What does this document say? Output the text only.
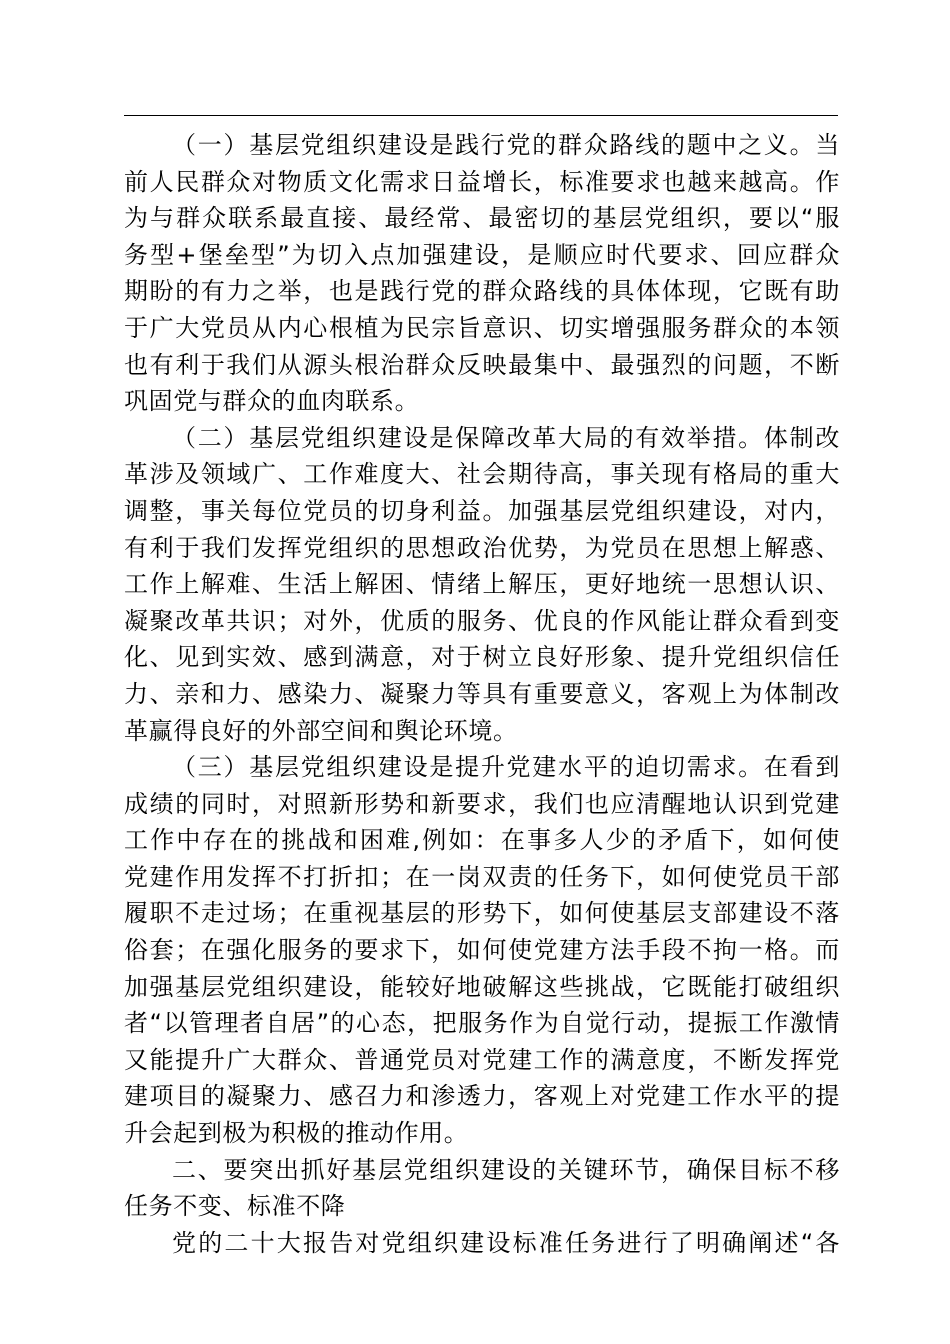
（一）基层党组织建设是践行党的群众路线的题中之义。当
前人民群众对物质文化需求日益增长，标准要求也越来越高。作
为与群众联系最直接、最经常、最密切的基层党组织，要以“服
务型+堡垒型”为切入点加强建设，是顺应时代要求、回应群众
期盼的有力之举，也是践行党的群众路线的具体体现，它既有助
于广大党员从内心根植为民宗旨意识、切实增强服务群众的本领
也有利于我们从源头根治群众反映最集中、最强烈的问题，不断
巩固党与群众的血肉联系。
（二）基层党组织建设是保障改革大局的有效举措。体制改
革涉及领域广、工作难度大、社会期待高，事关现有格局的重大
调整，事关每位党员的切身利益。加强基层党组织建设，对内，
有利于我们发挥党组织的思想政治优势，为党员在思想上解惑、
工作上解难、生活上解困、情绪上解压，更好地统一思想认识、
凝聚改革共识；对外，优质的服务、优良的作风能让群众看到变
化、见到实效、感到满意，对于树立良好形象、提升党组织信任
力、亲和力、感染力、凝聚力等具有重要意义，客观上为体制改
革赢得良好的外部空间和舆论环境。
（三）基层党组织建设是提升党建水平的迫切需求。在看到
成绩的同时，对照新形势和新要求，我们也应清醒地认识到党建
工作中存在的挑战和困难,例如：在事多人少的矛盾下，如何使
党建作用发挥不打折扣；在一岗双责的任务下，如何使党员干部
履职不走过场；在重视基层的形势下，如何使基层支部建设不落
俗套；在强化服务的要求下，如何使党建方法手段不拘一格。而
加强基层党组织建设，能较好地破解这些挑战，它既能打破组织
者“以管理者自居”的心态，把服务作为自觉行动，提振工作激情
又能提升广大群众、普通党员对党建工作的满意度，不断发挥党
建项目的凝聚力、感召力和渗透力，客观上对党建工作水平的提
升会起到极为积极的推动作用。
二、要突出抓好基层党组织建设的关键环节，确保目标不移
任务不变、标准不降
党的二十大报告对党组织建设标准任务进行了明确阐述“各
